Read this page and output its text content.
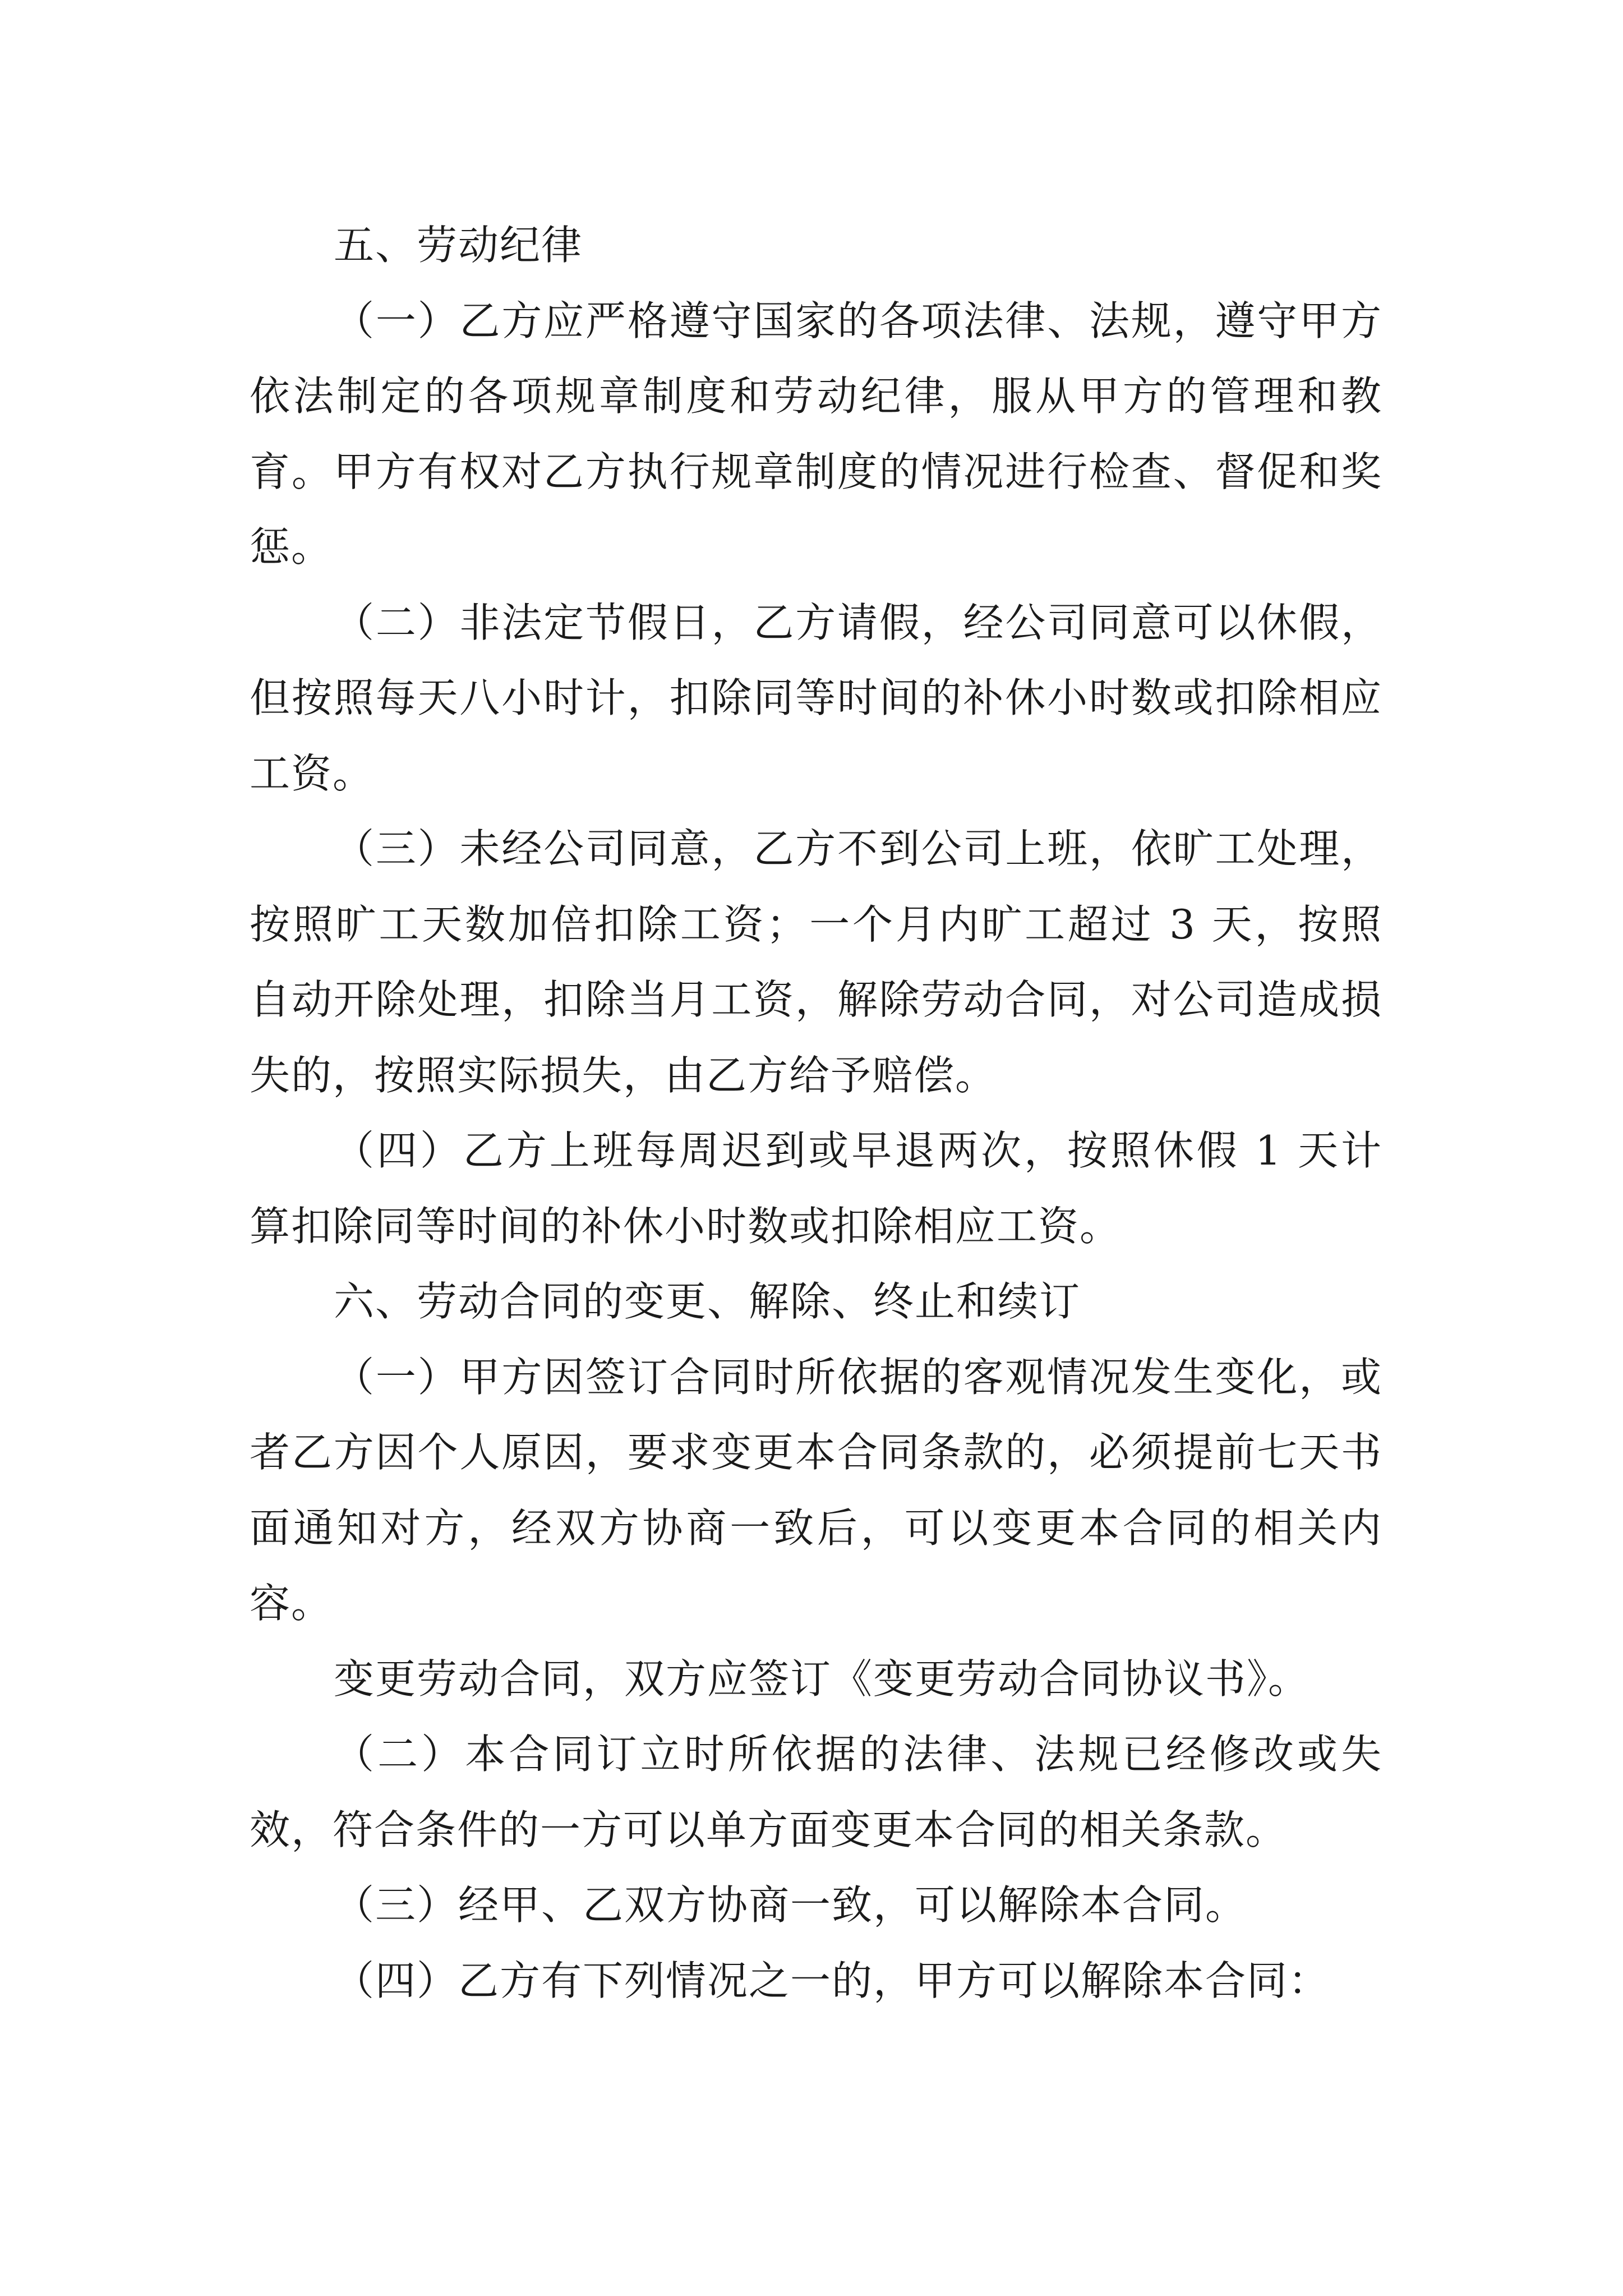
五、劳动纪律

（一）乙方应严格遵守国家的各项法律、法规，遵守甲方依法制定的各项规章制度和劳动纪律，服从甲方的管理和教育。甲方有权对乙方执行规章制度的情况进行检查、督促和奖惩。

（二）非法定节假日，乙方请假，经公司同意可以休假，但按照每天八小时计，扣除同等时间的补休小时数或扣除相应工资。

（三）未经公司同意，乙方不到公司上班，依旷工处理，按照旷工天数加倍扣除工资；一个月内旷工超过 3 天，按照自动开除处理，扣除当月工资，解除劳动合同，对公司造成损失的，按照实际损失，由乙方给予赔偿。

（四）乙方上班每周迟到或早退两次，按照休假 1 天计算扣除同等时间的补休小时数或扣除相应工资。

六、劳动合同的变更、解除、终止和续订

（一）甲方因签订合同时所依据的客观情况发生变化，或者乙方因个人原因，要求变更本合同条款的，必须提前七天书面通知对方，经双方协商一致后，可以变更本合同的相关内容。

变更劳动合同，双方应签订《变更劳动合同协议书》。

（二）本合同订立时所依据的法律、法规已经修改或失效，符合条件的一方可以单方面变更本合同的相关条款。

（三）经甲、乙双方协商一致，可以解除本合同。

（四）乙方有下列情况之一的，甲方可以解除本合同：
